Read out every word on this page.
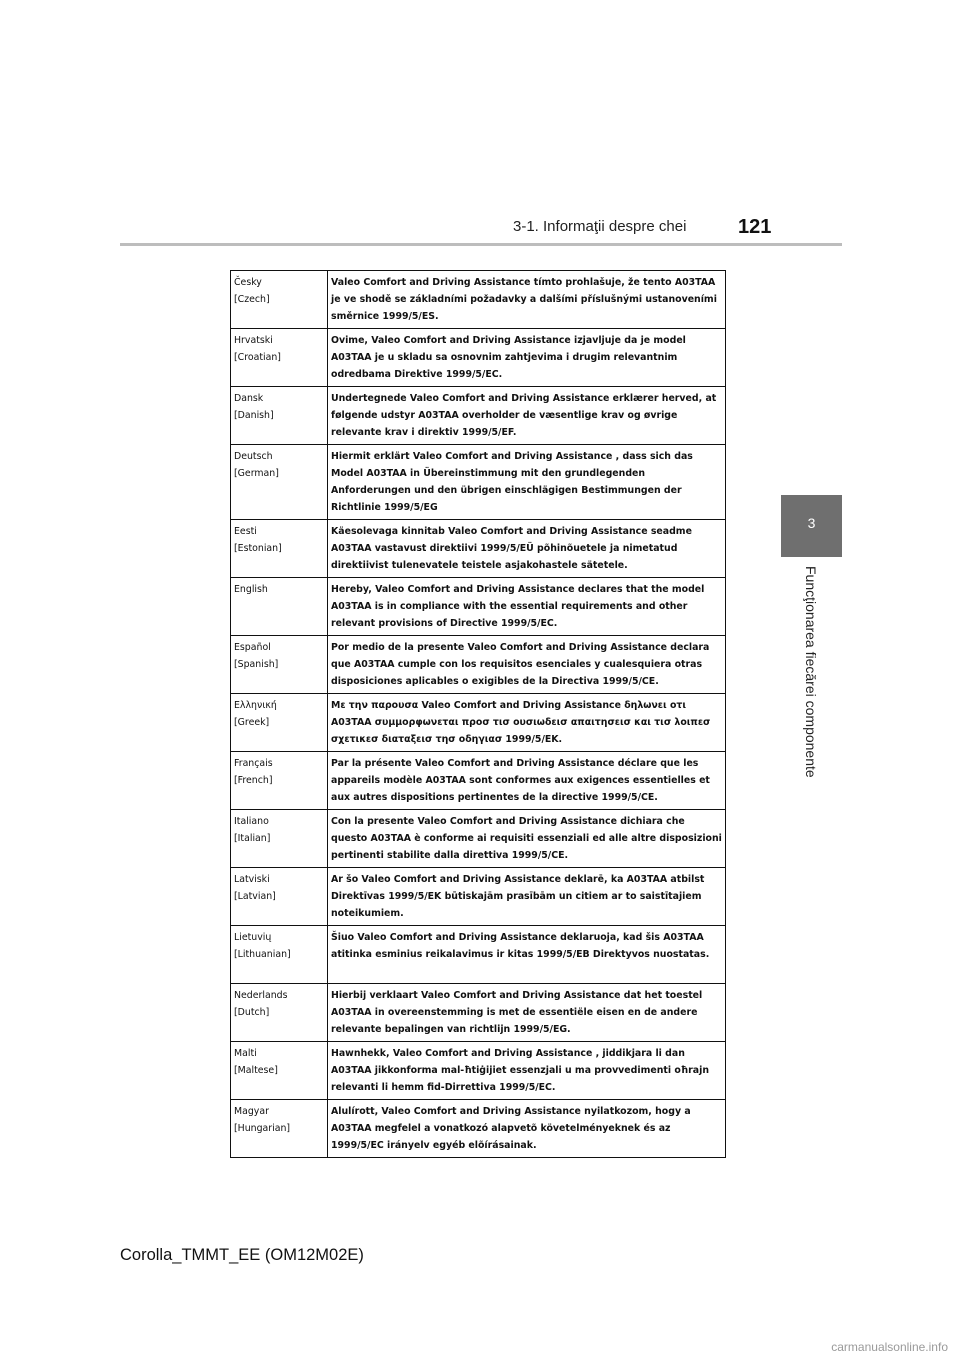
3-1. Informaţii despre chei	121
3
Funcţionarea fiecărei componente
Česky
[Czech]	Valeo Comfort and Driving Assistance tímto prohlašuje, že tento A03TAA je ve shodě se základními požadavky a dalšími příslušnými ustanoveními směrnice 1999/5/ES.

Hrvatski
[Croatian]	Ovime, Valeo Comfort and Driving Assistance izjavljuje da je model A03TAA je u skladu sa osnovnim zahtjevima i drugim relevantnim odredbama Direktive 1999/5/EC.

Dansk
[Danish]	Undertegnede Valeo Comfort and Driving Assistance erklærer herved, at følgende udstyr A03TAA overholder de væsentlige krav og øvrige relevante krav i direktiv 1999/5/EF.

Deutsch
[German]	Hiermit erklärt Valeo Comfort and Driving Assistance , dass sich das Model A03TAA in Übereinstimmung mit den grundlegenden Anforderungen und den übrigen einschlägigen Bestimmungen der Richtlinie 1999/5/EG

Eesti
[Estonian]	Käesolevaga kinnitab Valeo Comfort and Driving Assistance seadme A03TAA vastavust direktiivi 1999/5/EÜ põhinõuetele ja nimetatud direktiivist tulenevatele teistele asjakohastele sätetele.

English	Hereby, Valeo Comfort and Driving Assistance declares that the model A03TAA is in compliance with the essential requirements and other relevant provisions of Directive 1999/5/EC.

Español
[Spanish]	Por medio de la presente Valeo Comfort and Driving Assistance declara que A03TAA cumple con los requisitos esenciales y cualesquiera otras disposiciones aplicables o exigibles de la Directiva 1999/5/CE.

Ελληνική
[Greek]	Με την παρουσα Valeo Comfort and Driving Assistance δηλωνει οτι A03TAA συμμορφωνεται προσ τισ ουσιωδεισ απαιτησεισ και τισ λοιπεσ σχετικεσ διαταξεισ τησ οδηγιασ 1999/5/ΕΚ.

Français
[French]	Par la présente Valeo Comfort and Driving Assistance déclare que les appareils modèle A03TAA sont conformes aux exigences essentielles et aux autres dispositions pertinentes de la directive 1999/5/CE.

Italiano
[Italian]	Con la presente Valeo Comfort and Driving Assistance dichiara che questo A03TAA è conforme ai requisiti essenziali ed alle altre disposizioni pertinenti stabilite dalla direttiva 1999/5/CE.

Latviski
[Latvian]	Ar šo Valeo Comfort and Driving Assistance deklarē, ka A03TAA atbilst Direktīvas 1999/5/EK būtiskajām prasībām un citiem ar to saistītajiem noteikumiem.

Lietuvių
[Lithuanian]	Šiuo Valeo Comfort and Driving Assistance deklaruoja, kad šis A03TAA atitinka esminius reikalavimus ir kitas 1999/5/EB Direktyvos nuostatas.

Nederlands
[Dutch]	Hierbij verklaart Valeo Comfort and Driving Assistance dat het toestel A03TAA in overeenstemming is met de essentiële eisen en de andere relevante bepalingen van richtlijn 1999/5/EG.

Malti
[Maltese]	Hawnhekk, Valeo Comfort and Driving Assistance , jiddikjara li dan A03TAA jikkonforma mal-ħtiġijiet essenzjali u ma provvedimenti oħrajn relevanti li hemm fid-Dirrettiva 1999/5/EC.

Magyar
[Hungarian]	Alulírott, Valeo Comfort and Driving Assistance nyilatkozom, hogy a A03TAA megfelel a vonatkozó alapvetõ követelményeknek és az 1999/5/EC irányelv egyéb elõírásainak.
Corolla_TMMT_EE (OM12M02E)
carmanualsonline.info
